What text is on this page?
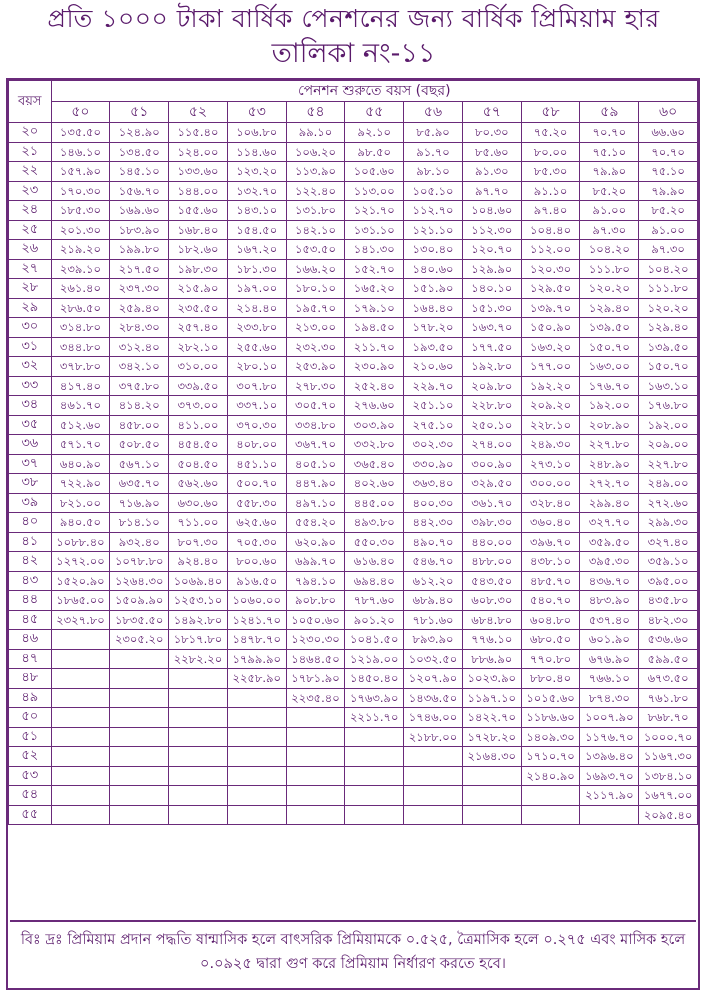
প্রতি ১০০০ টাকা বার্ষিক পেনশনের জন্য বার্ষিক প্রিমিয়াম হার
তালিকা নং-১১
বয়স	পেনশন শুরুতে বয়স (বছর)										
	৫০	৫১	৫২	৫৩	৫৪	৫৫	৫৬	৫৭	৫৮	৫৯	৬০
২০	১৩৫.৫০	১২৪.৯০	১১৫.৪০	১০৬.৮০	৯৯.১০	৯২.১০	৮৫.৯০	৮০.৩০	৭৫.২০	৭০.৭০	৬৬.৬০
২১	১৪৬.১০	১৩৪.৫০	১২৪.০০	১১৪.৬০	১০৬.২০	৯৮.৫০	৯১.৭০	৮৫.৬০	৮০.০০	৭৫.১০	৭০.৭০
২২	১৫৭.৯০	১৪৫.১০	১৩৩.৬০	১২৩.২০	১১৩.৯০	১০৫.৬০	৯৮.১০	৯১.৩০	৮৫.৩০	৭৯.৯০	৭৫.১০
২৩	১৭০.৩০	১৫৬.৭০	১৪৪.০০	১৩২.৭০	১২২.৪০	১১৩.০০	১০৫.১০	৯৭.৭০	৯১.১০	৮৫.২০	৭৯.৯০
২৪	১৮৫.৩০	১৬৯.৬০	১৫৫.৬০	১৪৩.১০	১৩১.৮০	১২১.৭০	১১২.৭০	১০৪.৬০	৯৭.৪০	৯১.০০	৮৫.২০
২৫	২০১.৩০	১৮৩.৯০	১৬৮.৪০	১৫৪.৫০	১৪২.১০	১৩১.১০	১২১.১০	১১২.৩০	১০৪.৪০	৯৭.৩০	৯১.০০
২৬	২১৯.২০	১৯৯.৮০	১৮২.৬০	১৬৭.২০	১৫৩.৫০	১৪১.৩০	১৩০.৪০	১২০.৭০	১১২.০০	১০৪.২০	৯৭.৩০
২৭	২৩৯.১০	২১৭.৫০	১৯৮.৩০	১৮১.৩০	১৬৬.২০	১৫২.৭০	১৪০.৬০	১২৯.৯০	১২০.৩০	১১১.৮০	১০৪.২০
২৮	২৬১.৪০	২৩৭.৩০	২১৫.৯০	১৯৭.০০	১৮০.১০	১৬৫.২০	১৫১.৯০	১৪০.১০	১২৯.৫০	১২০.২০	১১১.৮০
২৯	২৮৬.৫০	২৫৯.৪০	২৩৫.৫০	২১৪.৪০	১৯৫.৭০	১৭৯.১০	১৬৪.৪০	১৫১.৩০	১৩৯.৭০	১২৯.৪০	১২০.২০
৩০	৩১৪.৮০	২৮৪.৩০	২৫৭.৪০	২৩৩.৮০	২১৩.০০	১৯৪.৫০	১৭৮.২০	১৬৩.৭০	১৫০.৯০	১৩৯.৫০	১২৯.৪০
৩১	৩৪৪.৮০	৩১২.৪০	২৮২.১০	২৫৫.৬০	২৩২.৩০	২১১.৭০	১৯৩.৫০	১৭৭.৫০	১৬৩.২০	১৫০.৭০	১৩৯.৫০
৩২	৩৭৮.৮০	৩৪২.১০	৩১০.০০	২৮০.১০	২৫৩.৯০	২৩০.৯০	২১০.৬০	১৯২.৮০	১৭৭.০০	১৬৩.০০	১৫০.৭০
৩৩	৪১৭.৪০	৩৭৫.৮০	৩৩৯.৫০	৩০৭.৮০	২৭৮.৩০	২৫২.৪০	২২৯.৭০	২০৯.৮০	১৯২.২০	১৭৬.৭০	১৬৩.১০
৩৪	৪৬১.৭০	৪১৪.২০	৩৭৩.০০	৩৩৭.১০	৩০৫.৭০	২৭৬.৬০	২৫১.১০	২২৮.৮০	২০৯.২০	১৯২.০০	১৭৬.৮০
৩৫	৫১২.৬০	৪৫৮.০০	৪১১.০০	৩৭০.৩০	৩৩৪.৮০	৩০৩.৯০	২৭৫.১০	২৫০.১০	২২৮.১০	২০৮.৯০	১৯২.০০
৩৬	৫৭১.৭০	৫০৮.৫০	৪৫৪.৫০	৪০৮.০০	৩৬৭.৭০	৩৩২.৮০	৩০২.৩০	২৭৪.০০	২৪৯.৩০	২২৭.৮০	২০৯.০০
৩৭	৬৪০.৯০	৫৬৭.১০	৫০৪.৫০	৪৫১.১০	৪০৫.১০	৩৬৫.৪০	৩৩০.৯০	৩০০.৯০	২৭৩.১০	২৪৮.৯০	২২৭.৮০
৩৮	৭২২.৯০	৬৩৫.৭০	৫৬২.৬০	৫০০.৭০	৪৪৭.৯০	৪০২.৬০	৩৬৩.৪০	৩২৯.৫০	৩০০.০০	২৭২.৭০	২৪৯.০০
৩৯	৮২১.০০	৭১৬.৯০	৬৩০.৬০	৫৫৮.৩০	৪৯৭.১০	৪৪৫.০০	৪০০.৩০	৩৬১.৭০	৩২৮.৪০	২৯৯.৪০	২৭২.৬০
৪০	৯৪০.৫০	৮১৪.১০	৭১১.০০	৬২৫.৬০	৫৫৪.২০	৪৯৩.৮০	৪৪২.৩০	৩৯৮.৩০	৩৬০.৪০	৩২৭.৭০	২৯৯.৩০
৪১	১০৮৮.৪০	৯৩২.৪০	৮০৭.৩০	৭০৫.৩০	৬২০.৯০	৫৫০.৩০	৪৯০.৭০	৪৪০.০০	৩৯৬.৭০	৩৫৯.৫০	৩২৭.৪০
৪২	১২৭২.০০	১০৭৮.৮০	৯২৪.৪০	৮০০.৬০	৬৯৯.৭০	৬১৬.৪০	৫৪৬.৭০	৪৮৮.০০	৪৩৮.১০	৩৯৫.৩০	৩৫৯.১০
৪৩	১৫২০.৯০	১২৬৪.৩০	১০৬৯.৪০	৯১৬.৫০	৭৯৪.১০	৬৯৪.৪০	৬১২.২০	৫৪৩.৫০	৪৮৫.৭০	৪৩৬.৭০	৩৯৫.০০
৪৪	১৮৬৫.০০	১৫০৯.৯০	১২৫৩.১০	১০৬০.০০	৯০৮.৮০	৭৮৭.৬০	৬৮৯.৪০	৬০৮.৩০	৫৪০.৭০	৪৮৩.৯০	৪৩৫.৮০
৪৫	২৩২৭.৮০	১৮৩৫.৫০	১৪৯২.৮০	১২৪১.৭০	১০৫০.৬০	৯০১.২০	৭৮১.৬০	৬৮৪.৮০	৬০৪.৮০	৫৩৭.৪০	৪৮২.৩০
৪৬		২৩০৫.২০	১৮১৭.৮০	১৪৭৮.৭০	১২৩০.৩০	১০৪১.৫০	৮৯৩.৯০	৭৭৬.১০	৬৮০.৫০	৬০১.৯০	৫৩৬.৬০
৪৭			২২৮২.২০	১৭৯৯.৯০	১৪৬৪.৫০	১২১৯.০০	১০৩২.৫০	৮৮৬.৯০	৭৭০.৮০	৬৭৬.৯০	৫৯৯.৫০
৪৮				২২৫৮.৯০	১৭৮১.৯০	১৪৫০.৪০	১২০৭.৯০	১০২৩.৯০	৮৮০.৪০	৭৬৬.১০	৬৭৩.৫০
৪৯					২২৩৫.৪০	১৭৬৩.৯০	১৪৩৬.৫০	১১৯৭.১০	১০১৫.৬০	৮৭৪.৩০	৭৬১.৮০
৫০						২২১১.৭০	১৭৪৬.০০	১৪২২.৭০	১১৮৬.৬০	১০০৭.৯০	৮৬৮.৭০
৫১							২১৮৮.০০	১৭২৮.২০	১৪০৯.৩০	১১৭৬.৭০	১০০০.৭০
৫২								২১৬৪.৩০	১৭১০.৭০	১৩৯৬.৪০	১১৬৭.৩০
৫৩									২১৪০.৯০	১৬৯৩.৭০	১৩৮৪.১০
৫৪										২১১৭.৯০	১৬৭৭.০০
৫৫											২০৯৫.৪০
বিঃ দ্রঃ প্রিমিয়াম প্রদান পদ্ধতি ষান্মাসিক হলে বাৎসরিক প্রিমিয়ামকে ০.৫২৫, ত্রৈমাসিক হলে ০.২৭৫ এবং মাসিক হলে ০.০৯২৫ দ্বারা গুণ করে প্রিমিয়াম নির্ধারণ করতে হবে।
